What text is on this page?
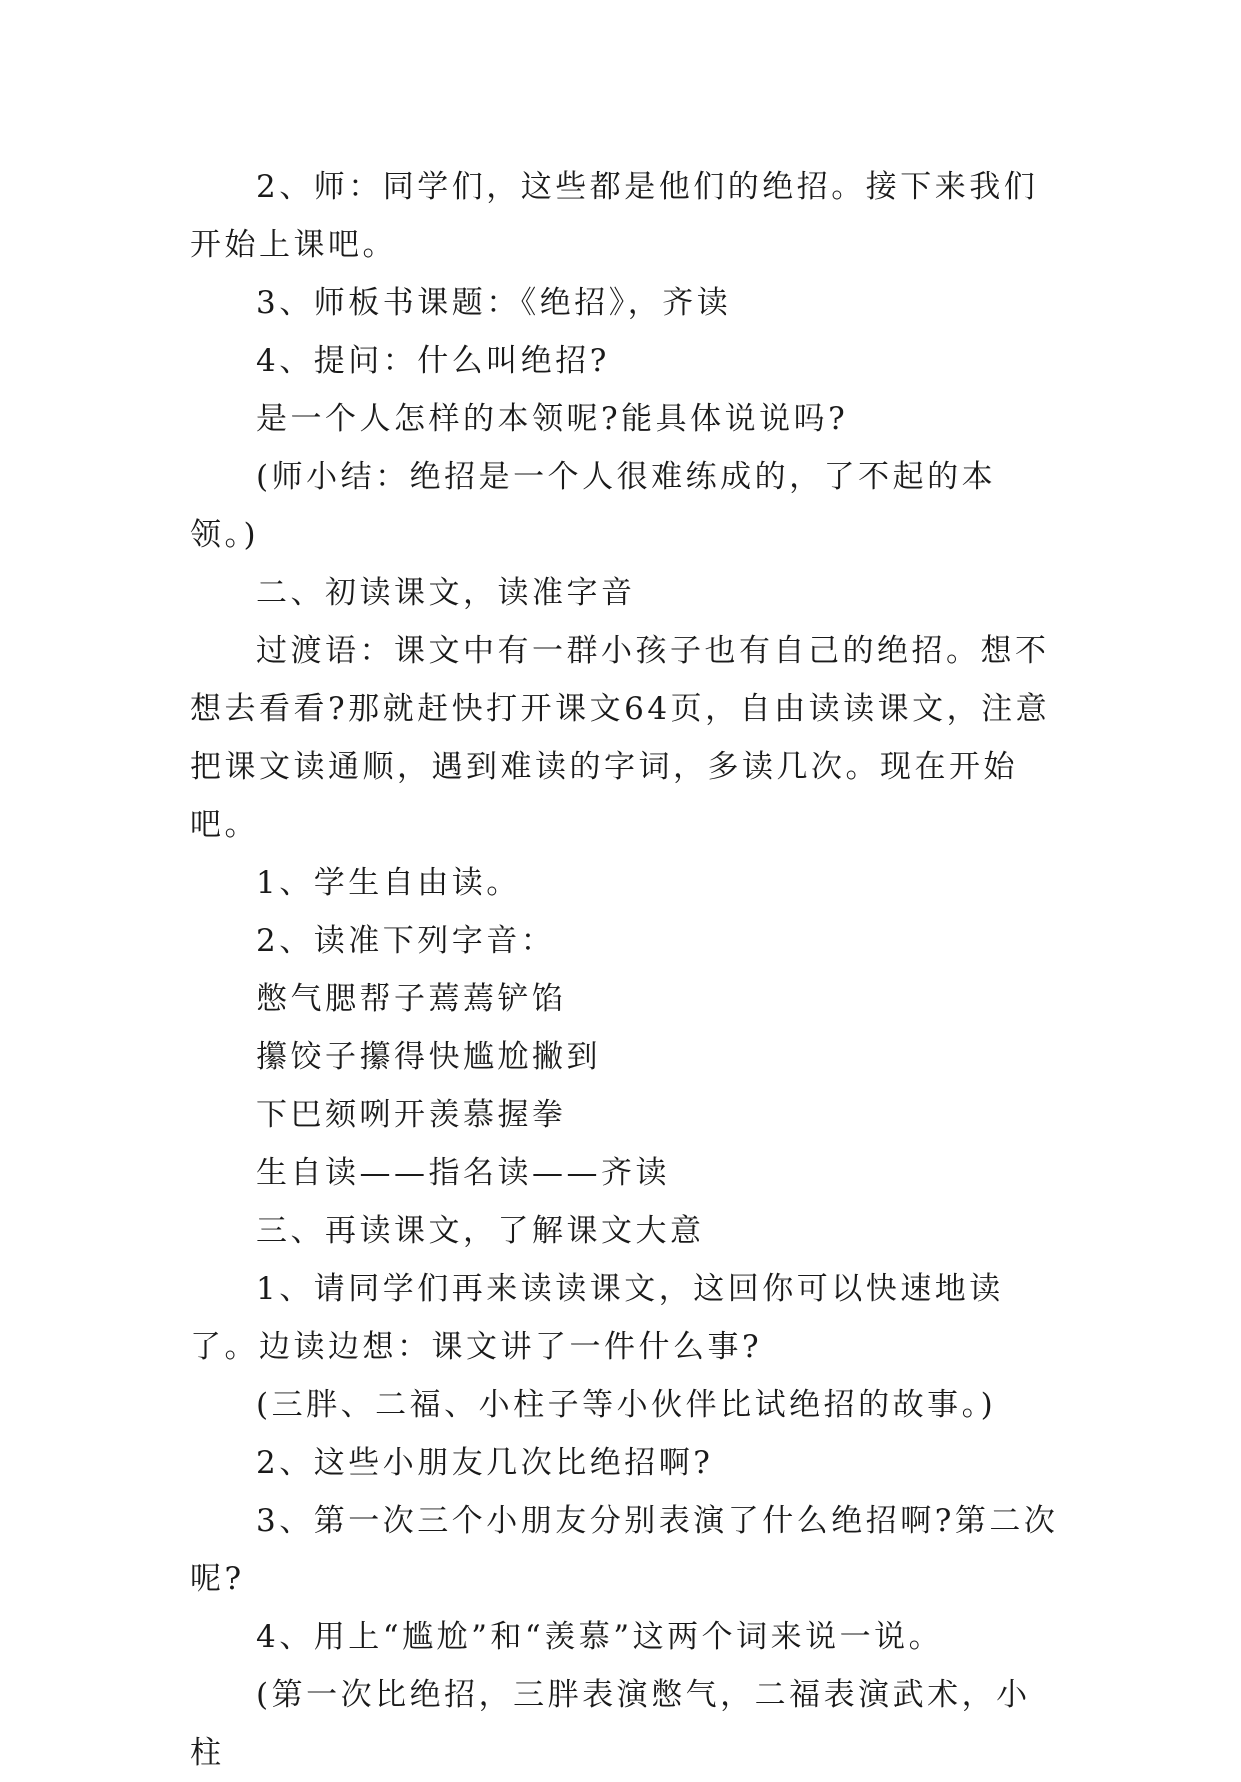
2、师：同学们，这些都是他们的绝招。接下来我们开始上课吧。

3、师板书课题：《绝招》，齐读

4、提问：什么叫绝招?

是一个人怎样的本领呢?能具体说说吗?

(师小结：绝招是一个人很难练成的，了不起的本领。)

二、初读课文，读准字音

过渡语：课文中有一群小孩子也有自己的绝招。想不想去看看?那就赶快打开课文64页，自由读读课文，注意把课文读通顺，遇到难读的字词，多读几次。现在开始吧。

1、学生自由读。

2、读准下列字音：

憋气腮帮子蔫蔫铲馅

攥饺子攥得快尴尬撇到

下巴颏咧开羡慕握拳

生自读——指名读——齐读

三、再读课文，了解课文大意

1、请同学们再来读读课文，这回你可以快速地读了。边读边想：课文讲了一件什么事?

(三胖、二福、小柱子等小伙伴比试绝招的故事。)

2、这些小朋友几次比绝招啊?

3、第一次三个小朋友分别表演了什么绝招啊?第二次呢?

4、用上“尴尬”和“羡慕”这两个词来说一说。

(第一次比绝招，三胖表演憋气，二福表演武术，小柱
